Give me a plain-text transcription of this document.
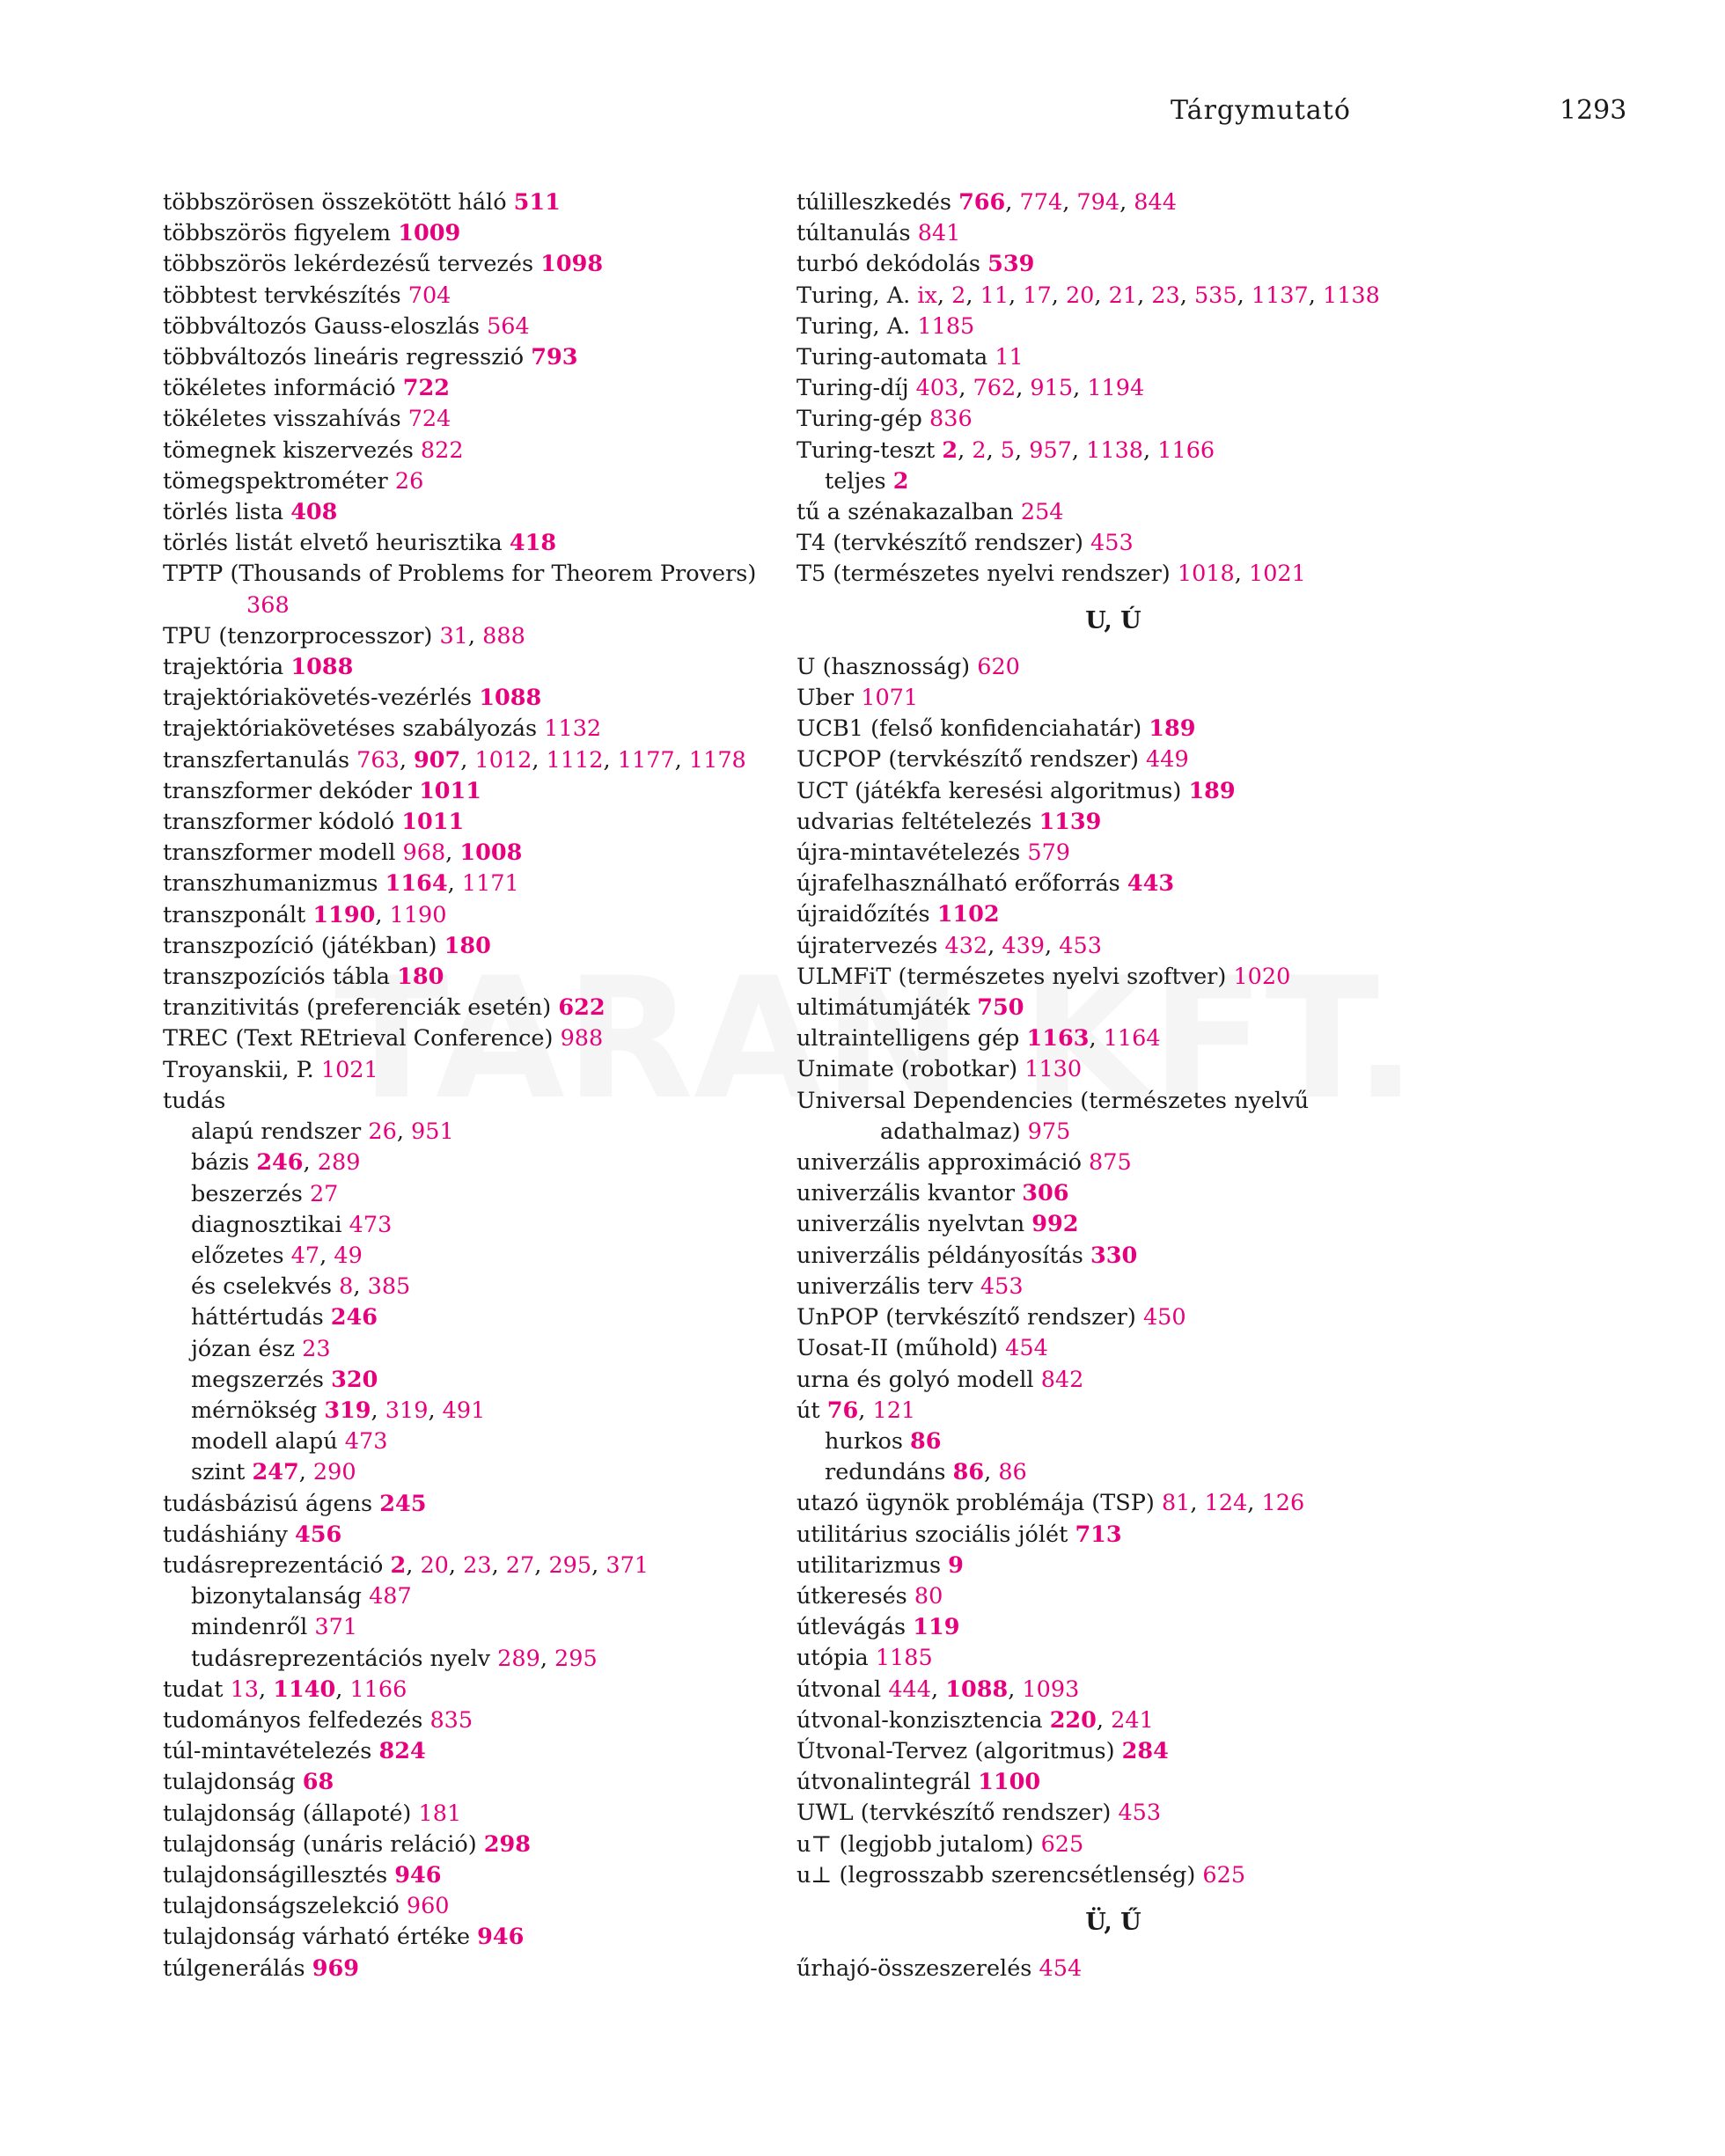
Tárgymutató	1293
többszörösen összekötött háló 511
többszörös figyelem 1009
többszörös lekérdezésű tervezés 1098
többtest tervkészítés 704
többváltozós Gauss-eloszlás 564
többváltozós lineáris regresszió 793
tökéletes információ 722
tökéletes visszahívás 724
tömegnek kiszervezés 822
tömegspektrométer 26
törlés lista 408
törlés listát elvető heurisztika 418
TPTP (Thousands of Problems for Theorem Provers) 368
TPU (tenzorprocesszor) 31, 888
trajektória 1088
trajektóriakövetés-vezérlés 1088
trajektóriakövetéses szabályozás 1132
transzfertanulás 763, 907, 1012, 1112, 1177, 1178
transzformer dekóder 1011
transzformer kódoló 1011
transzformer modell 968, 1008
transzhumanizmus 1164, 1171
transzponált 1190, 1190
transzpozíció (játékban) 180
transzpozíciós tábla 180
tranzitivitás (preferenciák esetén) 622
TREC (Text REtrieval Conference) 988
Troyanskii, P. 1021
tudás
alapú rendszer 26, 951
bázis 246, 289
beszerzés 27
diagnosztikai 473
előzetes 47, 49
és cselekvés 8, 385
háttértudás 246
józan ész 23
megszerzés 320
mérnökség 319, 319, 491
modell alapú 473
szint 247, 290
tudásbázisú ágens 245
tudáshiány 456
tudásreprezentáció 2, 20, 23, 27, 295, 371
bizonytalanság 487
mindenről 371
tudásreprezentációs nyelv 289, 295
tudat 13, 1140, 1166
tudományos felfedezés 835
túl-mintavételezés 824
tulajdonság 68
tulajdonság (állapoté) 181
tulajdonság (unáris reláció) 298
tulajdonságillesztés 946
tulajdonságszelekció 960
tulajdonság várható értéke 946
túlgenerálás 969
túlilleszkedés 766, 774, 794, 844
túltanulás 841
turbó dekódolás 539
Turing, A. ix, 2, 11, 17, 20, 21, 23, 535, 1137, 1138
Turing, A. 1185
Turing-automata 11
Turing-díj 403, 762, 915, 1194
Turing-gép 836
Turing-teszt 2, 2, 5, 957, 1138, 1166
teljes 2
tű a szénakazalban 254
T4 (tervkészítő rendszer) 453
T5 (természetes nyelvi rendszer) 1018, 1021
U, Ú
U (hasznosság) 620
Uber 1071
UCB1 (felső konfidenciahatár) 189
UCPOP (tervkészítő rendszer) 449
UCT (játékfa keresési algoritmus) 189
udvarias feltételezés 1139
újra-mintavételezés 579
újrafelhasználható erőforrás 443
újraidőzítés 1102
újratervezés 432, 439, 453
ULMFiT (természetes nyelvi szoftver) 1020
ultimátumjáték 750
ultraintelligens gép 1163, 1164
Unimate (robotkar) 1130
Universal Dependencies (természetes nyelvű adathalmaz) 975
univerzális approximáció 875
univerzális kvantor 306
univerzális nyelvtan 992
univerzális példányosítás 330
univerzális terv 453
UnPOP (tervkészítő rendszer) 450
Uosat-II (műhold) 454
urna és golyó modell 842
út 76, 121
hurkos 86
redundáns 86, 86
utazó ügynök problémája (TSP) 81, 124, 126
utilitárius szociális jólét 713
utilitarizmus 9
útkeresés 80
útlevágás 119
utópia 1185
útvonal 444, 1088, 1093
útvonal-konzisztencia 220, 241
Útvonal-Tervez (algoritmus) 284
útvonalintegrál 1100
UWL (tervkészítő rendszer) 453
u⊤ (legjobb jutalom) 625
u⊥ (legrosszabb szerencsétlenség) 625
Ü, Ű
űrhajó-összeszerelés 454
